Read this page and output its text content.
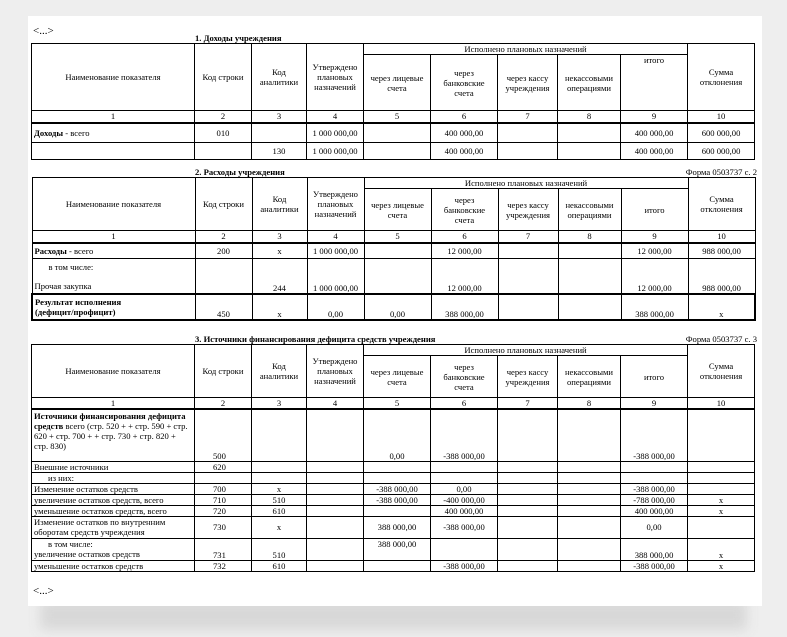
<...>
1. Доходы учреждения
Наименование показателя	Код строки	Код аналитики	Утверждено плановых назначений	Исполнено плановых назначений					Сумма отклонения
				через лицевые счета	через банковские счета	через кассу учреждения	некассовыми операциями	итого	
1	2	3	4	5	6	7	8	9	10
Доходы - всего	010		1 000 000,00		400 000,00			400 000,00	600 000,00
		130	1 000 000,00		400 000,00			400 000,00	600 000,00
2. Расходы учреждения	Форма 0503737 с. 2
Наименование показателя	Код строки	Код аналитики	Утверждено плановых назначений	Исполнено плановых назначений					Сумма отклонения
				через лицевые счета	через банковские счета	через кассу учреждения	некассовыми операциями	итого	
1	2	3	4	5	6	7	8	9	10
Расходы - всего	200	x	1 000 000,00		12 000,00			12 000,00	988 000,00

в том числе:
Прочая закупка		244	1 000 000,00		12 000,00			12 000,00	988 000,00

Результат исполнения
(дефицит/профицит)	450	x	0,00	0,00	388 000,00			388 000,00	x
3. Источники финансирования дефицита средств учреждения	Форма 0503737 с. 3
Наименование показателя	Код строки	Код аналитики	Утверждено плановых назначений	Исполнено плановых назначений					Сумма отклонения
				через лицевые счета	через банковские счета	через кассу учреждения	некассовыми операциями	итого	
1	2	3	4	5	6	7	8	9	10
Источники финансирования дефицита средств всего (стр. 520 + + стр. 590 + стр. 620 + стр. 700 + + стр. 730 + стр. 820 + стр. 830)	500			0,00	-388 000,00			-388 000,00	
Внешние источники	620								
из них:									
Изменение остатков средств	700	x		-388 000,00	0,00			-388 000,00	
увеличение остатков средств, всего	710	510		-388 000,00	-400 000,00			-788 000,00	x
уменьшение остатков средств, всего	720	610			400 000,00			400 000,00	x
Изменение остатков по внутренним оборотам средств учреждения	730	x		388 000,00	-388 000,00			0,00	

в том числе:
увеличение остатков средств	731	510		388 000,00				388 000,00	x
уменьшение остатков средств	732	610			-388 000,00			-388 000,00	x
<...>
